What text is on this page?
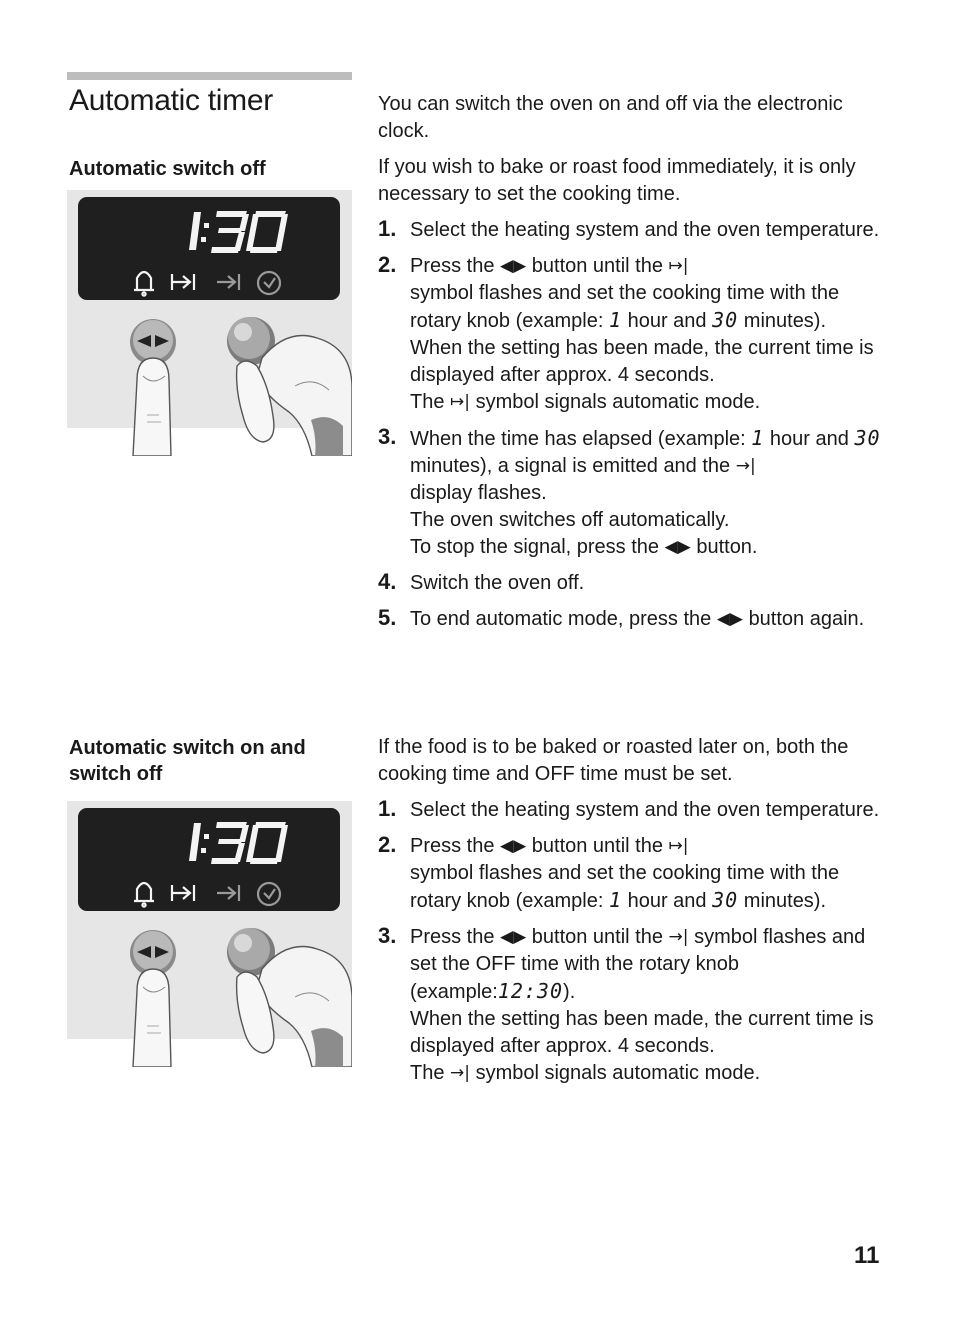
Automatic timer
Automatic switch off

You can switch the oven on and off via the electronic clock.

If you wish to bake or roast food immediately, it is only necessary to set the cooking time.

1. Select the heating system and the oven temperature.
2. Press the ◀▶ button until the ↦|
symbol flashes and set the cooking time with the rotary knob (example: 1 hour and 30 minutes).
When the setting has been made, the current time is displayed after approx. 4 seconds.
The ↦| symbol signals automatic mode.
3. When the time has elapsed (example: 1 hour and 30 minutes), a signal is emitted and the →|
display flashes.
The oven switches off automatically.
To stop the signal, press the ◀▶ button.
4. Switch the oven off.
5. To end automatic mode, press the ◀▶ button again.
Automatic switch on and switch off

If the food is to be baked or roasted later on, both the cooking time and OFF time must be set.

1. Select the heating system and the oven temperature.
2. Press the ◀▶ button until the ↦|
symbol flashes and set the cooking time with the rotary knob (example: 1 hour and 30 minutes).
3. Press the ◀▶ button until the →| symbol flashes and set the OFF time with the rotary knob (example:12:30).
When the setting has been made, the current time is displayed after approx. 4 seconds.
The →| symbol signals automatic mode.
11
